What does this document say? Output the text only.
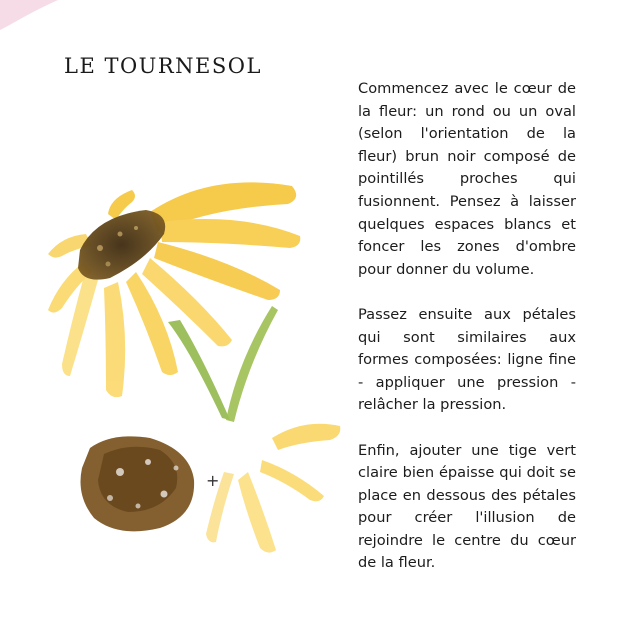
LE TOURNESOL

Commencez avec le cœur de la fleur: un rond ou un oval (selon l'orientation de la fleur) brun noir composé de pointillés proches qui fusionnent. Pensez à laisser quelques espaces blancs et foncer les zones d'ombre pour donner du volume.

Passez ensuite aux pétales qui sont similaires aux formes composées: ligne fine - appliquer une pression - relâcher la pression.

Enfin, ajouter une tige vert claire bien épaisse qui doit se place en dessous des pétales pour créer l'illusion de rejoindre le centre du cœur de la fleur.

+
